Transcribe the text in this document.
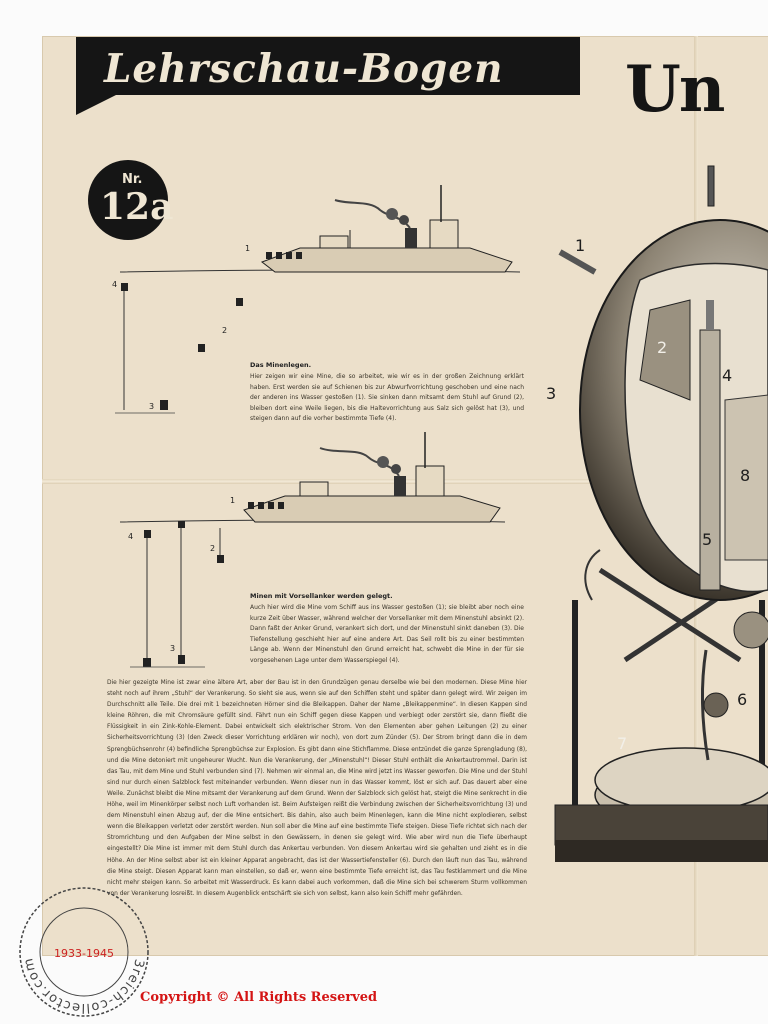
Lehrschau-Bogen Un
Nr.
12a
1
2
3
4
Das Minenlegen.
Hier zeigen wir eine Mine, die so arbeitet, wie wir es in der großen Zeichnung erklärt haben. Erst werden sie auf Schienen bis zur Abwurfvorrichtung geschoben und eine nach der anderen ins Wasser gestoßen (1). Sie sinken dann mitsamt dem Stuhl auf Grund (2), bleiben dort eine Weile liegen, bis die Haltevorrichtung aus Salz sich gelöst hat (3), und steigen dann auf die vorher bestimmte Tiefe (4).
1
2
3
4
Minen mit Vorsellanker werden gelegt.
Auch hier wird die Mine vom Schiff aus ins Wasser gestoßen (1); sie bleibt aber noch eine kurze Zeit über Wasser, während welcher der Vorsellanker mit dem Minenstuhl absinkt (2). Dann faßt der Anker Grund, verankert sich dort, und der Minenstuhl sinkt daneben (3). Die Tiefenstellung geschieht hier auf eine andere Art. Das Seil rollt bis zu einer bestimmten Länge ab. Wenn der Minenstuhl den Grund erreicht hat, schwebt die Mine in der für sie vorgesehenen Lage unter dem Wasserspiegel (4).
Die hier gezeigte Mine ist zwar eine ältere Art, aber der Bau ist in den Grundzügen genau derselbe wie bei den modernen. Diese Mine hier steht noch auf ihrem „Stuhl“ der Verankerung. So sieht sie aus, wenn sie auf den Schiffen steht und später dann gelegt wird. Wir zeigen im Durchschnitt alle Teile. Die drei mit 1 bezeichneten Hörner sind die Bleikappen. Daher der Name „Bleikappenmine“. In diesen Kappen sind kleine Röhren, die mit Chromsäure gefüllt sind. Fährt nun ein Schiff gegen diese Kappen und verbiegt oder zerstört sie, dann fließt die Flüssigkeit in ein Zink-Kohle-Element. Dabei entwickelt sich elektrischer Strom. Von den Elementen aber gehen Leitungen (2) zu einer Sicherheitsvorrichtung (3) (den Zweck dieser Vorrichtung erklären wir noch), von dort zum Zünder (5). Der Strom bringt dann die in dem Sprengbüchsenrohr (4) befindliche Sprengbüchse zur Explosion. Es gibt dann eine Stichflamme. Diese entzündet die ganze Sprengladung (8), und die Mine detoniert mit ungeheurer Wucht. Nun die Verankerung, der „Minenstuhl“! Dieser Stuhl enthält die Ankertautrommel. Darin ist das Tau, mit dem Mine und Stuhl verbunden sind (7). Nehmen wir einmal an, die Mine wird jetzt ins Wasser geworfen. Die Mine und der Stuhl sind nur durch einen Salzblock fest miteinander verbunden. Wenn dieser nun in das Wasser kommt, löst er sich auf. Das dauert aber eine Weile. Zunächst bleibt die Mine mitsamt der Verankerung auf dem Grund. Wenn der Salzblock sich gelöst hat, steigt die Mine senkrecht in die Höhe, weil im Minenkörper selbst noch Luft vorhanden ist. Beim Aufsteigen reißt die Verbindung zwischen der Sicherheitsvorrichtung (3) und dem Minenstuhl einen Abzug auf, der die Mine entsichert. Bis dahin, also auch beim Minenlegen, kann die Mine nicht explodieren, selbst wenn die Bleikappen verletzt oder zerstört werden. Nun soll aber die Mine auf eine bestimmte Tiefe steigen. Diese Tiefe richtet sich nach der Stromrichtung und den Aufgaben der Mine selbst in den Gewässern, in denen sie gelegt wird. Wie aber wird nun die Tiefe überhaupt eingestellt? Die Mine ist immer mit dem Stuhl durch das Ankertau verbunden. Von diesem Ankertau wird sie gehalten und zieht es in die Höhe. An der Mine selbst aber ist ein kleiner Apparat angebracht, das ist der Wassertiefensteller (6). Durch den läuft nun das Tau, während die Mine steigt. Diesen Apparat kann man einstellen, so daß er, wenn eine bestimmte Tiefe erreicht ist, das Tau festklammert und die Mine nicht mehr steigen kann. So arbeitet mit Wasserdruck. Es kann dabei auch vorkommen, daß die Mine sich bei schwerem Sturm vollkommen von der Verankerung losreißt. In diesem Augenblick entschärft sie sich von selbst, kann also kein Schiff mehr gefährden.
1
2
3
4
5
6
7
8
3reich-collector.com
1933-1945
Copyright © All Rights Reserved
